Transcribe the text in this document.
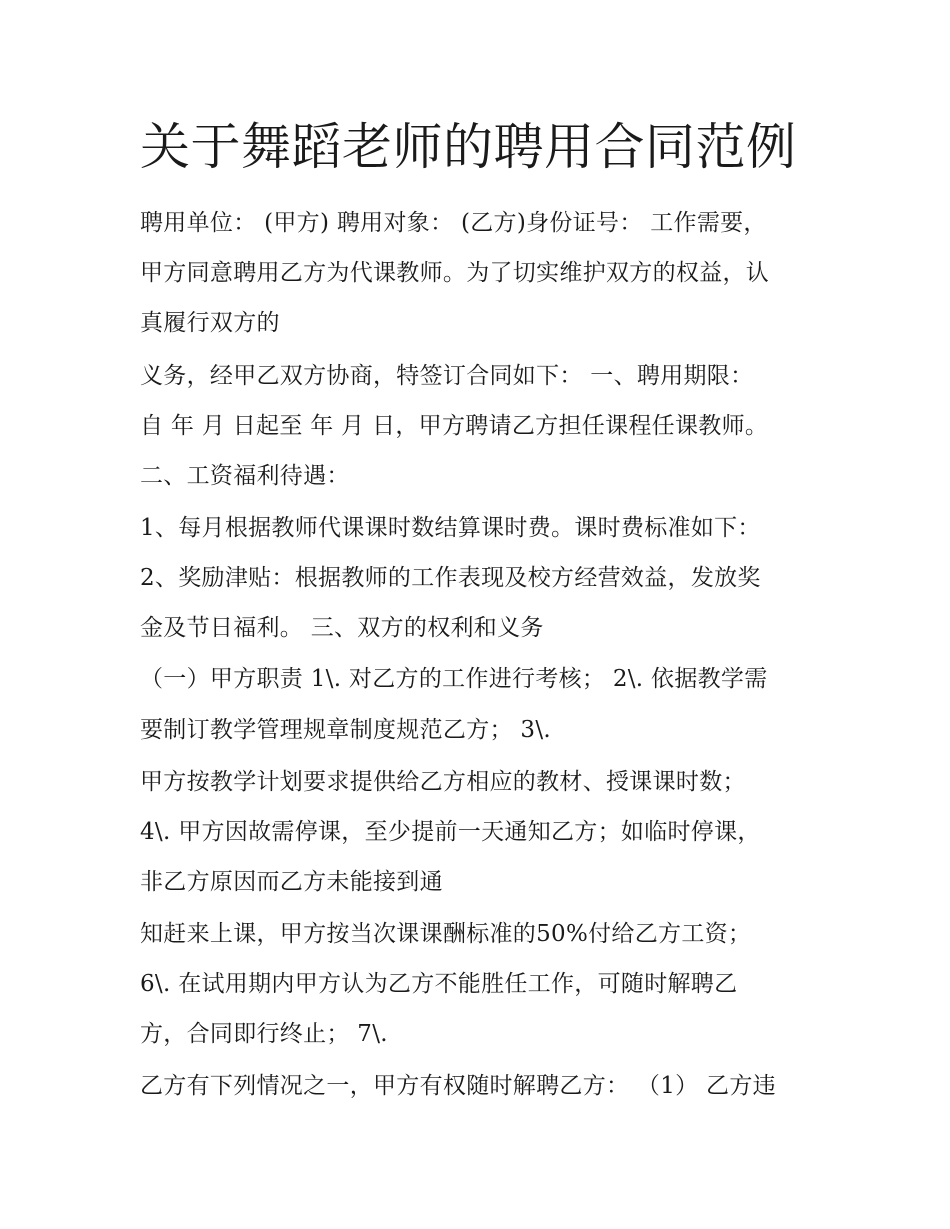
关于舞蹈老师的聘用合同范例
聘用单位： (甲方) 聘用对象： (乙方)身份证号： 工作需要，
甲方同意聘用乙方为代课教师。为了切实维护双方的权益，认
真履行双方的
义务，经甲乙双方协商，特签订合同如下： 一、聘用期限：
自 年 月 日起至 年 月 日，甲方聘请乙方担任课程任课教师。
二、工资福利待遇：
1、每月根据教师代课课时数结算课时费。课时费标准如下：
2、奖励津贴：根据教师的工作表现及校方经营效益，发放奖
金及节日福利。 三、双方的权利和义务
（一）甲方职责 1\. 对乙方的工作进行考核； 2\. 依据教学需
要制订教学管理规章制度规范乙方； 3\.
甲方按教学计划要求提供给乙方相应的教材、授课课时数；
4\. 甲方因故需停课，至少提前一天通知乙方；如临时停课，
非乙方原因而乙方未能接到通
知赶来上课，甲方按当次课课酬标准的50%付给乙方工资；
6\. 在试用期内甲方认为乙方不能胜任工作，可随时解聘乙
方，合同即行终止； 7\.
乙方有下列情况之一，甲方有权随时解聘乙方： （1） 乙方违
